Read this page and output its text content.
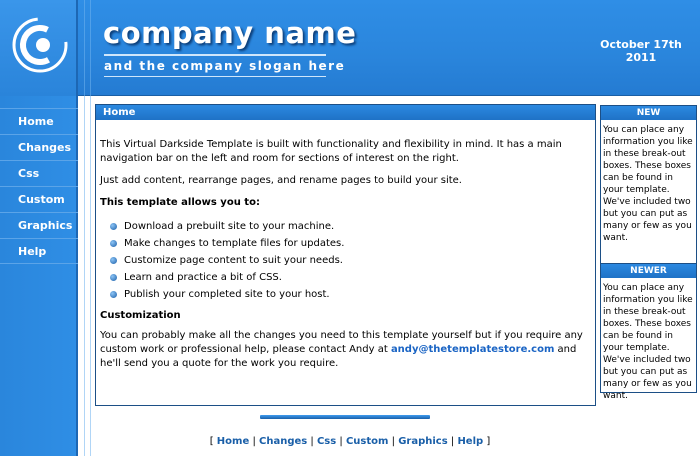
company name
and the company slogan here
October 17th
2011
Home
Changes
Css
Custom
Graphics
Help
Home

This Virtual Darkside Template is built with functionality and flexibility in mind. It has a main navigation bar on the left and room for sections of interest on the right.

Just add content, rearrange pages, and rename pages to build your site.

This template allows you to:
Download a prebuilt site to your machine.
Make changes to template files for updates.
Customize page content to suit your needs.
Learn and practice a bit of CSS.
Publish your completed site to your host.
Customization

You can probably make all the changes you need to this template yourself but if you require any custom work or professional help, please contact Andy at andy@thetemplatestore.com and he'll send you a quote for the work you require.

NEW
You can place any information you like in these break-out boxes. These boxes can be found in your template. We've included two but you can put as many or few as you want.
NEWER
You can place any information you like in these break-out boxes. These boxes can be found in your template. We've included two but you can put as many or few as you want.
[ Home | Changes | Css | Custom | Graphics | Help ]
